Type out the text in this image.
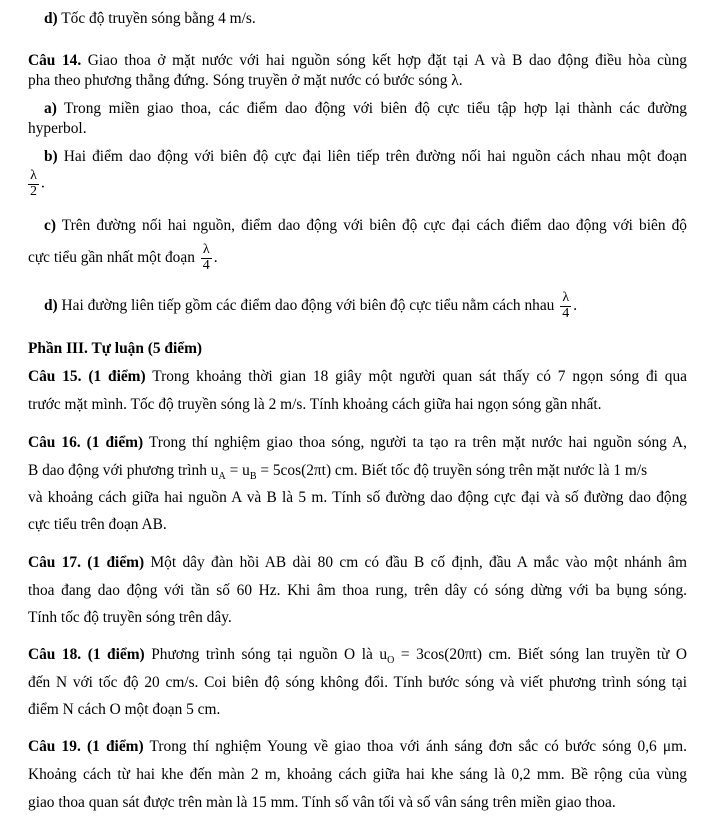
d) Tốc độ truyền sóng bằng 4 m/s.
Câu 14. Giao thoa ở mặt nước với hai nguồn sóng kết hợp đặt tại A và B dao động điều hòa cùng
pha theo phương thẳng đứng. Sóng truyền ở mặt nước có bước sóng λ.
a) Trong miền giao thoa, các điểm dao động với biên độ cực tiểu tập hợp lại thành các đường
hyperbol.
b) Hai điểm dao động với biên độ cực đại liên tiếp trên đường nối hai nguồn cách nhau một đoạn
$\frac{\lambda}{2}$ .
c) Trên đường nối hai nguồn, điểm dao động với biên độ cực đại cách điểm dao động với biên độ
cực tiểu gần nhất một đoạn $\frac{\lambda}{4}$ .
d) Hai đường liên tiếp gồm các điểm dao động với biên độ cực tiểu nằm cách nhau $\frac{\lambda}{4}$ .
Phần III. Tự luận (5 điểm)
Câu 15. (1 điểm) Trong khoảng thời gian 18 giây một người quan sát thấy có 7 ngọn sóng đi qua
trước mặt mình. Tốc độ truyền sóng là 2 m/s. Tính khoảng cách giữa hai ngọn sóng gần nhất.
Câu 16. (1 điểm) Trong thí nghiệm giao thoa sóng, người ta tạo ra trên mặt nước hai nguồn sóng A,
B dao động với phương trình $u_A = u_B = 5\cos(2\pi t)$ cm. Biết tốc độ truyền sóng trên mặt nước là 1 m/s
và khoảng cách giữa hai nguồn A và B là 5 m. Tính số đường dao động cực đại và số đường dao động
cực tiểu trên đoạn AB.
Câu 17. (1 điểm) Một dây đàn hồi AB dài 80 cm có đầu B cố định, đầu A mắc vào một nhánh âm
thoa đang dao động với tần số 60 Hz. Khi âm thoa rung, trên dây có sóng dừng với ba bụng sóng.
Tính tốc độ truyền sóng trên dây.
Câu 18. (1 điểm) Phương trình sóng tại nguồn O là $u_O = 3\cos(20\pi t)$ cm. Biết sóng lan truyền từ O
đến N với tốc độ 20 cm/s. Coi biên độ sóng không đổi. Tính bước sóng và viết phương trình sóng tại
điểm N cách O một đoạn 5 cm.
Câu 19. (1 điểm) Trong thí nghiệm Young về giao thoa với ánh sáng đơn sắc có bước sóng 0,6 μm.
Khoảng cách từ hai khe đến màn 2 m, khoảng cách giữa hai khe sáng là 0,2 mm. Bề rộng của vùng
giao thoa quan sát được trên màn là 15 mm. Tính số vân tối và số vân sáng trên miền giao thoa.
